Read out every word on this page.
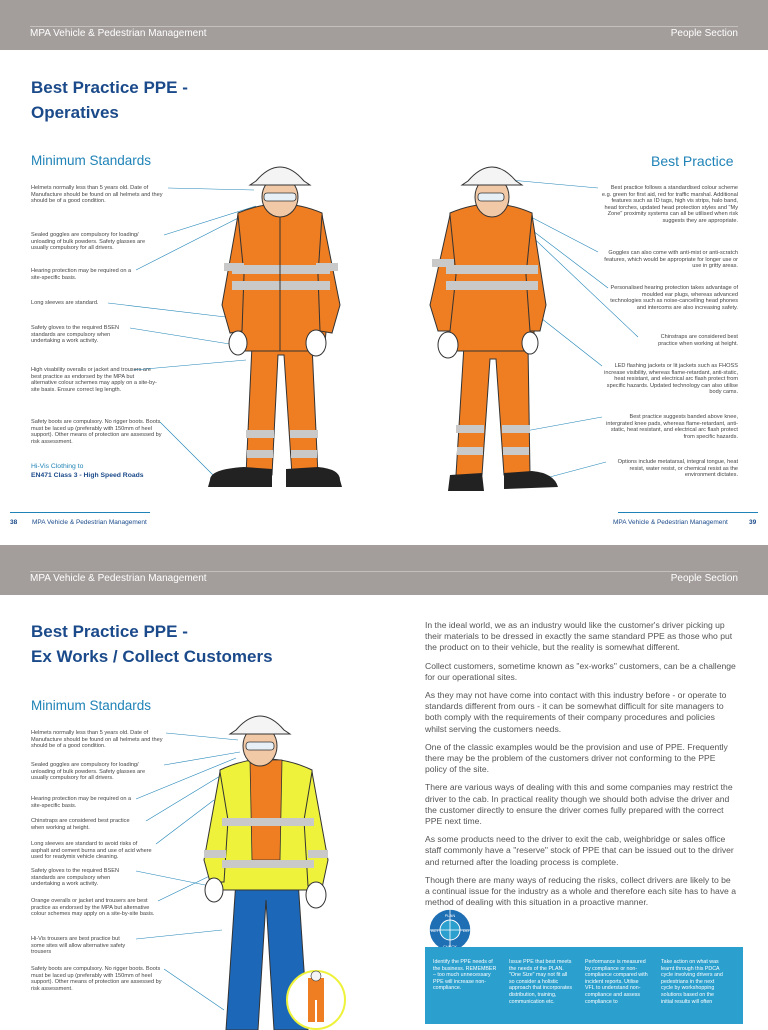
MPA Vehicle & Pedestrian Management	People Section
Best Practice PPE -
Operatives
Minimum Standards	Best Practice
Helmets normally less than 5 years old. Date of Manufacture should be found on all helmets and they should be of a good condition.
Sealed goggles are compulsory for loading/ unloading of bulk powders. Safety glasses are usually compulsory for all drivers.
Hearing protection may be required on a site-specific basis.
Long sleeves are standard.
Safety gloves to the required BSEN standards are compulsory when undertaking a work activity.
High visability overalls or jacket and trousers are best practice as endorsed by the MPA but alternative colour schemes may apply on a site-by-site basis. Ensure correct leg length.
Safety boots are compulsory. No rigger boots. Boots must be laced up (preferably with 150mm of heel support). Other means of protection are assessed by risk assessment.
Hi-Vis Clothing to
EN471 Class 3 - High Speed Roads
Best practice follows a standardised colour scheme e.g. green for first aid, red for traffic marshal. Additional features such as ID tags, high vis strips, halo band, head torches, updated head protection styles and "My Zone" proximity systems can all be utilised when risk suggests they are appropriate.
Goggles can also come with anti-mist or anti-scratch features, which would be appropriate for longer use or use in gritty areas.
Personalised hearing protection takes advantage of moulded ear plugs, whereas advanced technologies such as noise-cancelling head phones and intercoms are also increasing safety.
Chinstraps are considered best practice when working at height.
LED flashing jackets or lit jackets such as FHOSS increase visibility, whereas flame-retardant, anti-static, heat resistant, and electrical arc flash protect from specific hazards. Updated technology can also utilise body cams.
Best practice suggests banded above knee, intergrated knee pads, whereas flame-retardant, anti-static, heat resistant, and electrical arc flash protect from specific hazards.
Options include metatarsal, integral tongue, heat resist, water resist, or chemical resist as the environment dictates.
38 MPA Vehicle & Pedestrian Management	MPA Vehicle & Pedestrian Management	39
MPA Vehicle & Pedestrian Management	People Section
Best Practice PPE -
Ex Works / Collect Customers
Minimum Standards
Helmets normally less than 5 years old. Date of Manufacture should be found on all helmets and they should be of a good condition.
Sealed goggles are compulsory for loading/ unloading of bulk powders. Safety glasses are usually compulsory for all drivers.
Hearing protection may be required on a site-specific basis.
Chinstraps are considered best practice when working at height.
Long sleeves are standard to avoid risks of asphalt and cement burns and use of acid where used for readymix vehicle cleaning.
Safety gloves to the required BSEN standards are compulsory when undertaking a work activity.
Orange overalls or jacket and trousers are best practice as endorsed by the MPA but alternative colour schemes may apply on a site-by-site basis.
Hi-Vis trousers are best practice but some sites will allow alternative safety trousers
Safety boots are compulsory. No rigger boots. Boots must be laced up (preferably with 150mm of heel support). Other means of protection are assessed by risk assessment.

In the ideal world, we as an industry would like the customer's driver picking up their materials to be dressed in exactly the same standard PPE as those who put the product on to their vehicle, but the reality is somewhat different.

Collect customers, sometime known as "ex-works" customers, can be a challenge for our operational sites.

As they may not have come into contact with this industry before - or operate to standards different from ours - it can be somewhat difficult for site managers to both comply with the requirements of their company procedures and policies whilst serving the customers needs.

One of the classic examples would be the provision and use of PPE. Frequently there may be the problem of the customers driver not conforming to the PPE policy of the site.

There are various ways of dealing with this and some companies may restrict the driver to the cab. In practical reality though we should both advise the driver and the customer directly to ensure the driver comes fully prepared with the correct PPE next time.

As some products need to the driver to exit the cab, weighbridge or sales office staff commonly have a "reserve" stock of PPE that can be issued out to the driver and returned after the loading process is complete.

Though there are many ways of reducing the risks, collect drivers are likely to be a continual issue for the industry as a whole and therefore each site has to have a method of dealing with this situation in a proactive manner.

PLAN
DO
ACT
Identify the PPE needs of the business. REMEMBER – too much unnecessary PPE will increase non-compliance.
Issue PPE that best meets the needs of the PLAN. "One Size" may not fit all so consider a holistic approach that incorporates distribution, training, communication etc.
Performance is measured by compliance or non-compliance compared with incident reports. Utilise VFL to understand non-compliance and assess compliance to
Take action on what was learnt through this PDCA cycle involving drivers and pedestrians in the next cycle by workshopping solutions based on the initial results will often
